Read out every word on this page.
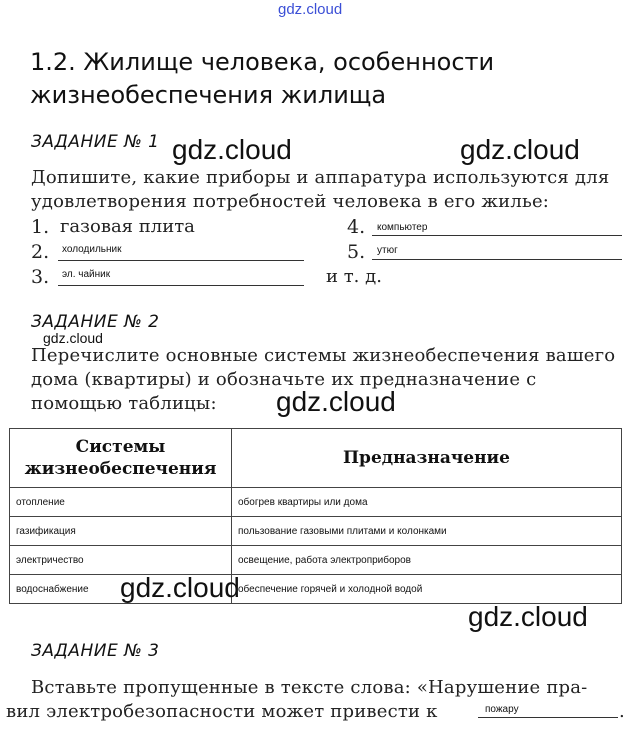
gdz.cloud
1.2. Жилище человека, особенности жизнеобеспечения жилища
ЗАДАНИЕ № 1 gdz.cloud	gdz.cloud
Допишите, какие приборы и аппаратура используются для удовлетворения потребностей человека в его жилье:
1. газовая плита
2. холодильник
3. эл. чайник
4. компьютер
5. утюг
и т. д.
ЗАДАНИЕ № 2
gdz.cloud
Перечислите основные системы жизнеобеспечения вашего дома (квартиры) и обозначьте их предназначение с помощью таблицы:	gdz.cloud
Системы жизнеобеспечения	Предназначение
отопление	обогрев квартиры или дома
газификация	пользование газовыми плитами и колонками
электричество	освещение, работа электроприборов
водоснабжение	обеспечение горячей и холодной водой
gdz.cloud
gdz.cloud
ЗАДАНИЕ № 3
Вставьте пропущенные в тексте слова: «Нарушение пра-
вил электробезопасности может привести к	пожару	.
